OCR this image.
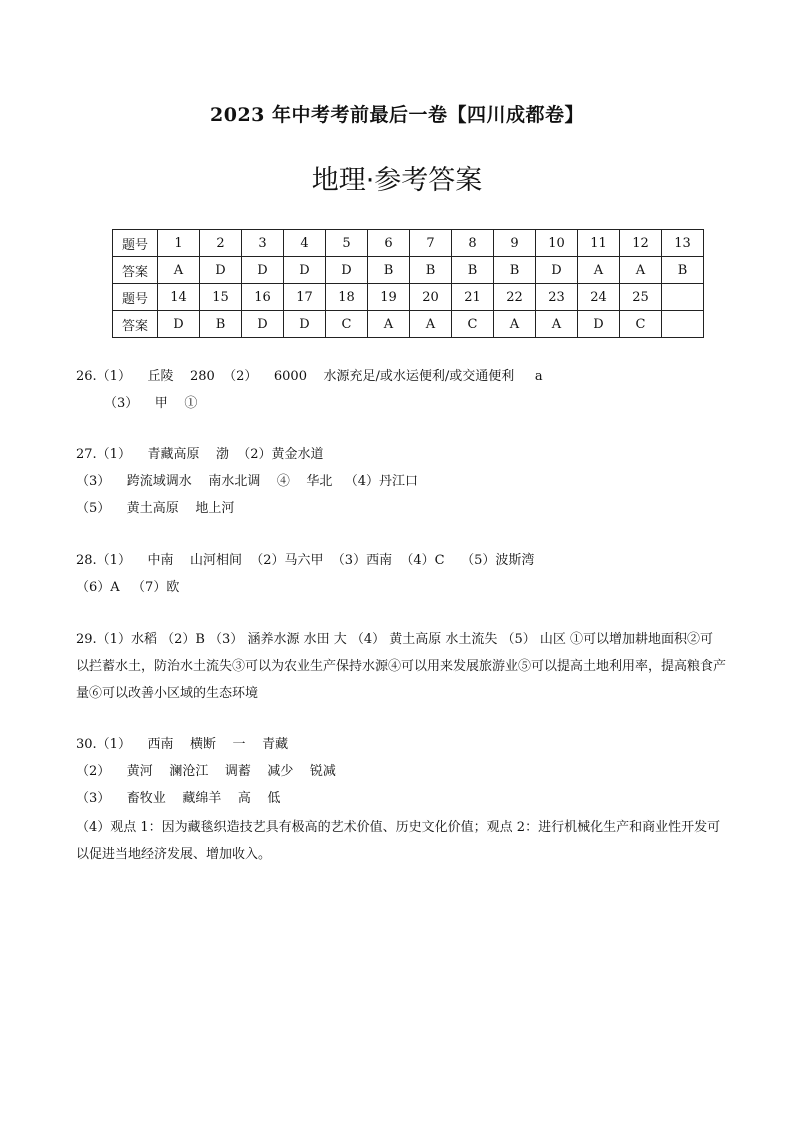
2023 年中考考前最后一卷【四川成都卷】
地理·参考答案
题号	1	2	3	4	5	6	7	8	9	10	11	12	13
答案	A	D	D	D	D	B	B	B	B	D	A	A	B
题号	14	15	16	17	18	19	20	21	22	23	24	25	
答案	D	B	D	D	C	A	A	C	A	A	D	C	
26.（1）    丘陵    280  （2）    6000    水源充足/或水运便利/或交通便利     a
（3）    甲    ①
27.（1）    青藏高原    渤  （2）黄金水道
（3）    跨流域调水    南水北调    ④    华北   （4）丹江口
（5）    黄土高原    地上河
28.（1）    中南    山河相间  （2）马六甲  （3）西南  （4）C    （5）波斯湾
（6）A   （7）欧
29.（1）水稻 （2）B （3） 涵养水源 水田 大 （4） 黄土高原 水土流失 （5） 山区 ①可以增加耕地面积②可以拦蓄水土，防治水土流失③可以为农业生产保持水源④可以用来发展旅游业⑤可以提高土地利用率，提高粮食产量⑥可以改善小区域的生态环境
30.（1）    西南    横断    一    青藏
（2）    黄河    澜沧江    调蓄    减少    锐减
（3）    畜牧业    藏绵羊    高    低
（4）观点 1：因为藏毯织造技艺具有极高的艺术价值、历史文化价值；观点 2：进行机械化生产和商业性开发可以促进当地经济发展、增加收入。
